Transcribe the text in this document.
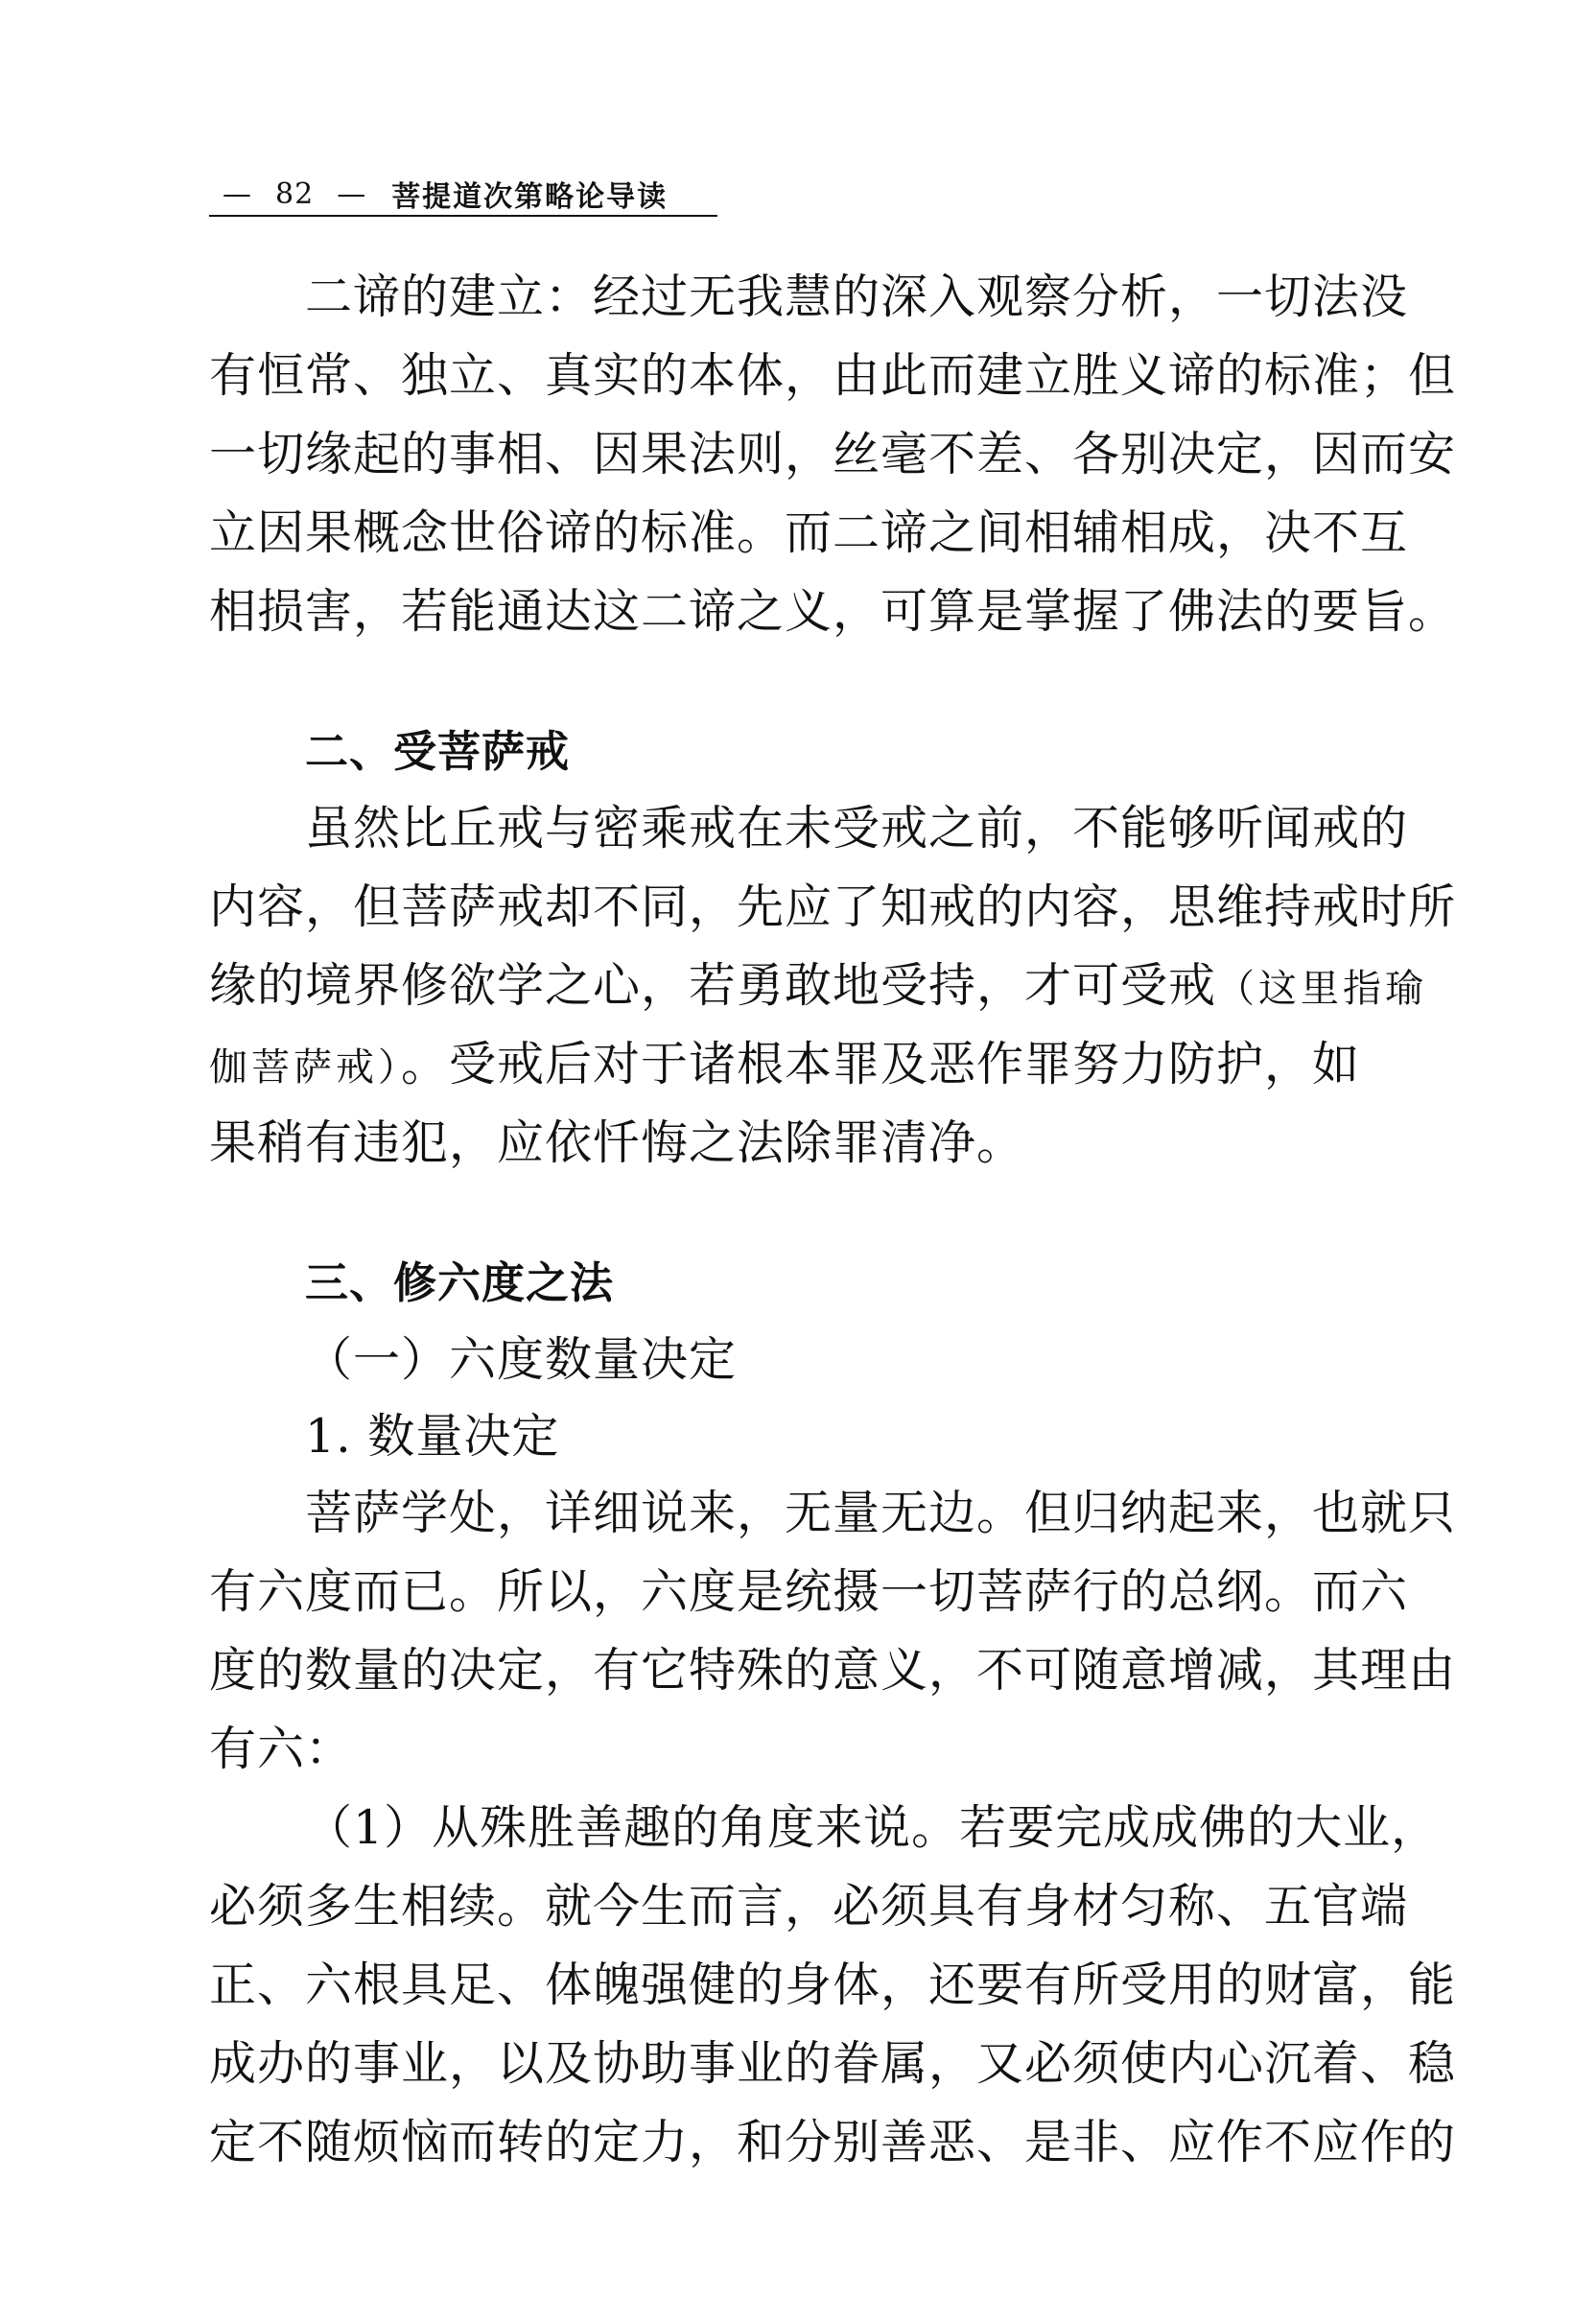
— 82 — 菩提道次第略论导读
二谛的建立：经过无我慧的深入观察分析，一切法没
有恒常、独立、真实的本体，由此而建立胜义谛的标准；但
一切缘起的事相、因果法则，丝毫不差、各别决定，因而安
立因果概念世俗谛的标准。而二谛之间相辅相成，决不互
相损害，若能通达这二谛之义，可算是掌握了佛法的要旨。
二、受菩萨戒
虽然比丘戒与密乘戒在未受戒之前，不能够听闻戒的
内容，但菩萨戒却不同，先应了知戒的内容，思维持戒时所
缘的境界修欲学之心，若勇敢地受持，才可受戒（这里指瑜
伽菩萨戒）。受戒后对于诸根本罪及恶作罪努力防护，如
果稍有违犯，应依忏悔之法除罪清净。
三、修六度之法
（一）六度数量决定
1. 数量决定
菩萨学处，详细说来，无量无边。但归纳起来，也就只
有六度而已。所以，六度是统摄一切菩萨行的总纲。而六
度的数量的决定，有它特殊的意义，不可随意增减，其理由
有六：
（1）从殊胜善趣的角度来说。若要完成成佛的大业，
必须多生相续。就今生而言，必须具有身材匀称、五官端
正、六根具足、体魄强健的身体，还要有所受用的财富，能
成办的事业，以及协助事业的眷属，又必须使内心沉着、稳
定不随烦恼而转的定力，和分别善恶、是非、应作不应作的
